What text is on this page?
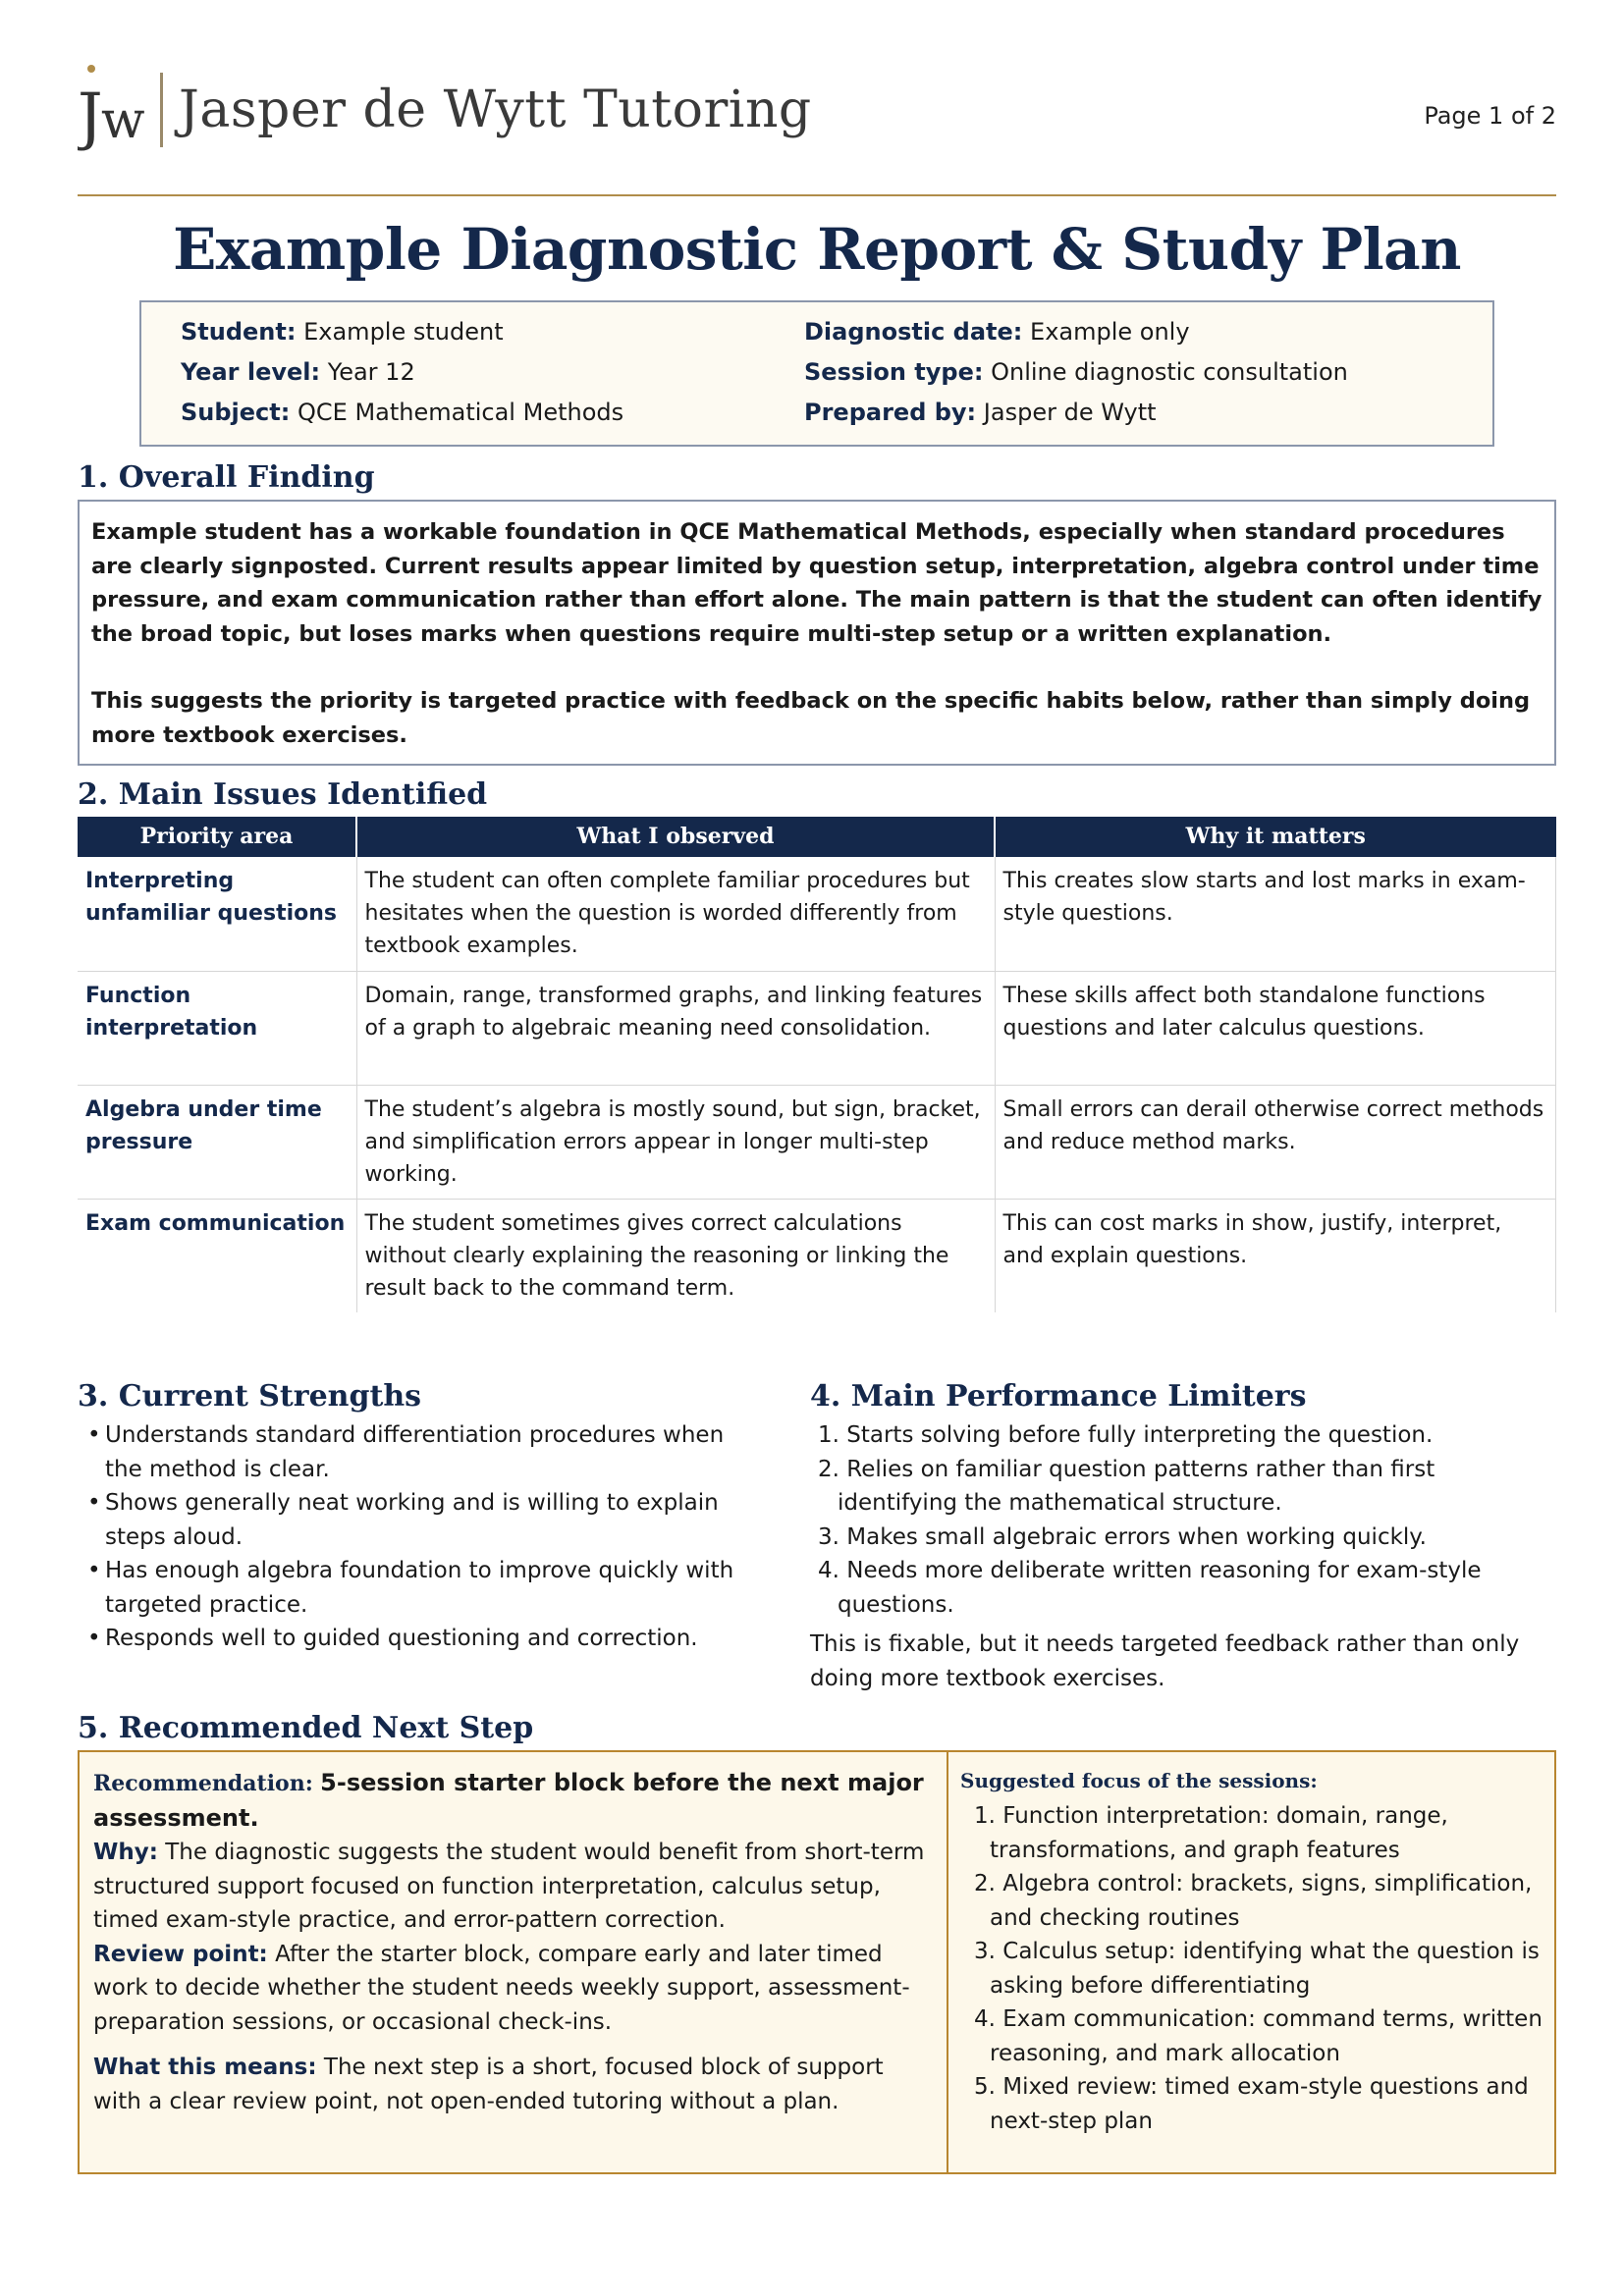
J
w Jasper de Wytt Tutoring	Page 1 of 2
Example Diagnostic Report & Study Plan
Student: Example student	Diagnostic date: Example only
Year level: Year 12	Session type: Online diagnostic consultation
Subject: QCE Mathematical Methods	Prepared by: Jasper de Wytt
1. Overall Finding

Example student has a workable foundation in QCE Mathematical Methods, especially when standard procedures are clearly signposted. Current results appear limited by question setup, interpretation, algebra control under time pressure, and exam communication rather than effort alone. The main pattern is that the student can often identify the broad topic, but loses marks when questions require multi-step setup or a written explanation.

This suggests the priority is targeted practice with feedback on the specific habits below, rather than simply doing more textbook exercises.

2. Main Issues Identified
Priority area	What I observed	Why it matters
Interpreting unfamiliar questions	The student can often complete familiar procedures but hesitates when the question is worded differently from textbook examples.	This creates slow starts and lost marks in exam-style questions.
Function interpretation	Domain, range, transformed graphs, and linking features of a graph to algebraic meaning need consolidation.	These skills affect both standalone functions questions and later calculus questions.
Algebra under time pressure	The student’s algebra is mostly sound, but sign, bracket, and simplification errors appear in longer multi-step working.	Small errors can derail otherwise correct methods and reduce method marks.
Exam communication	The student sometimes gives correct calculations without clearly explaining the reasoning or linking the result back to the command term.	This can cost marks in show, justify, interpret, and explain questions.
3. Current Strengths
• Understands standard differentiation procedures when the method is clear.
• Shows generally neat working and is willing to explain steps aloud.
• Has enough algebra foundation to improve quickly with targeted practice.
• Responds well to guided questioning and correction.
4. Main Performance Limiters
1. Starts solving before fully interpreting the question.
2. Relies on familiar question patterns rather than first identifying the mathematical structure.
3. Makes small algebraic errors when working quickly.
4. Needs more deliberate written reasoning for exam-style questions.
This is fixable, but it needs targeted feedback rather than only doing more textbook exercises.
5. Recommended Next Step

Recommendation: 5-session starter block before the next major assessment.

Why: The diagnostic suggests the student would benefit from short-term structured support focused on function interpretation, calculus setup, timed exam-style practice, and error-pattern correction.

Review point: After the starter block, compare early and later timed work to decide whether the student needs weekly support, assessment-preparation sessions, or occasional check-ins.

What this means: The next step is a short, focused block of support with a clear review point, not open-ended tutoring without a plan.

Suggested focus of the sessions:
1. Function interpretation: domain, range, transformations, and graph features
2. Algebra control: brackets, signs, simplification, and checking routines
3. Calculus setup: identifying what the question is asking before differentiating
4. Exam communication: command terms, written reasoning, and mark allocation
5. Mixed review: timed exam-style questions and next-step plan
